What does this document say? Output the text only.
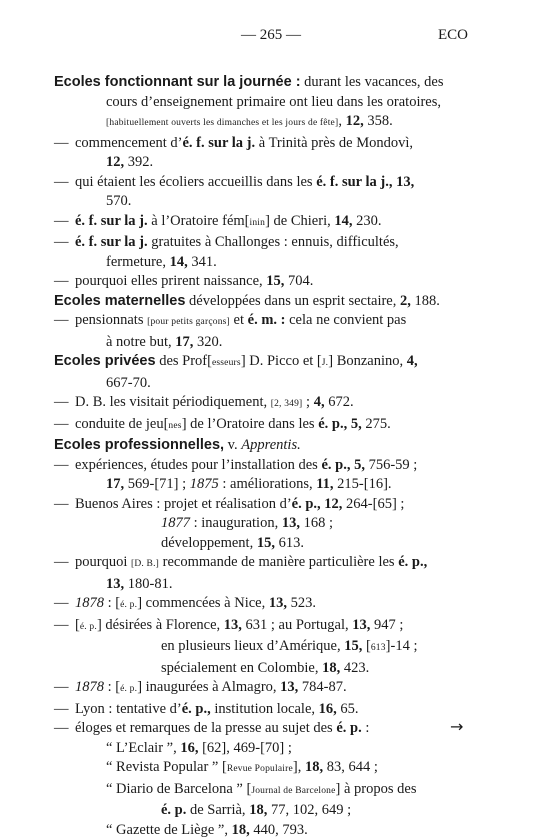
— 265 —	ECO
Ecoles fonctionnant sur la journée : durant les vacances, des
cours d’enseignement primaire ont lieu dans les oratoires,
[habituellement ouverts les dimanches et les jours de fête], 12, 358.
— commencement d’é. f. sur la j. à Trinità près de Mondovì,
12, 392.
— qui étaient les écoliers accueillis dans les é. f. sur la j., 13,
570.
— é. f. sur la j. à l’Oratoire fém[inin] de Chieri, 14, 230.
— é. f. sur la j. gratuites à Challonges : ennuis, difficultés,
fermeture, 14, 341.
— pourquoi elles prirent naissance, 15, 704.
Ecoles maternelles développées dans un esprit sectaire, 2, 188.
— pensionnats [pour petits garçons] et é. m. : cela ne convient pas
à notre but, 17, 320.
Ecoles privées des Prof[esseurs] D. Picco et [J.] Bonzanino, 4,
667-70.
— D. B. les visitait périodiquement, [2, 349] ; 4, 672.
— conduite de jeu[nes] de l’Oratoire dans les é. p., 5, 275.
Ecoles professionnelles, v. Apprentis.
— expériences, études pour l’installation des é. p., 5, 756-59 ;
17, 569-[71] ; 1875 : améliorations, 11, 215-[16].
— Buenos Aires : projet et réalisation d’é. p., 12, 264-[65] ;
1877 : inauguration, 13, 168 ;
développement, 15, 613.
— pourquoi [D. B.] recommande de manière particulière les é. p.,
13, 180-81.
— 1878 : [é. p.] commencées à Nice, 13, 523.
— [é. p.] désirées à Florence, 13, 631 ; au Portugal, 13, 947 ;
en plusieurs lieux d’Amérique, 15, [613]-14 ;
spécialement en Colombie, 18, 423.
— 1878 : [é. p.] inaugurées à Almagro, 13, 784-87.
— Lyon : tentative d’é. p., institution locale, 16, 65.
— éloges et remarques de la presse au sujet des é. p. :
“ L’Eclair ”, 16, [62], 469-[70] ;
“ Revista Popular ” [Revue Populaire], 18, 83, 644 ;
“ Diario de Barcelona ” [Journal de Barcelone] à propos des
é. p. de Sarrià, 18, 77, 102, 649 ;
“ Gazette de Liège ”, 18, 440, 793.
→
